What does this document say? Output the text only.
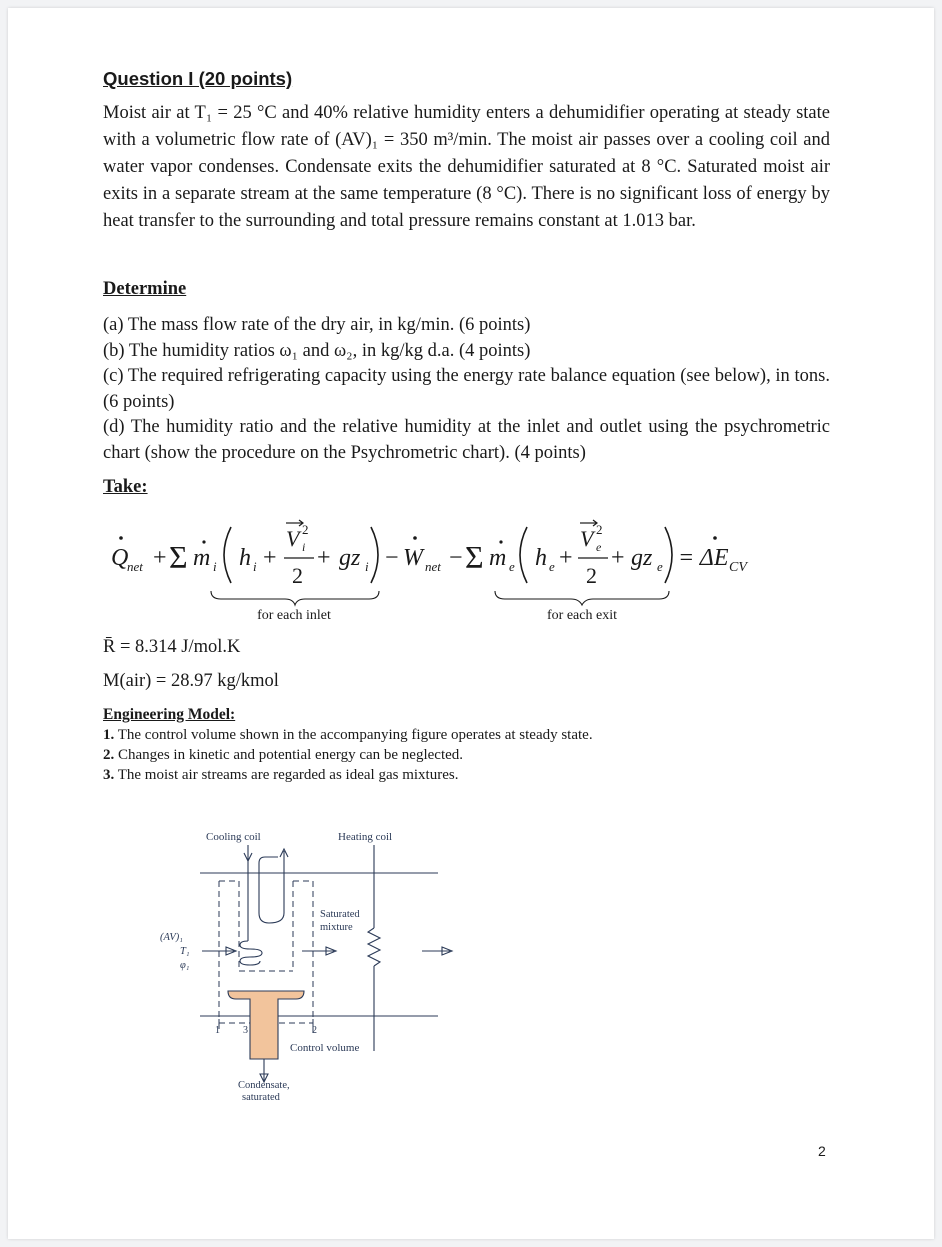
Question I (20 points)
Moist air at T₁ = 25 °C and 40% relative humidity enters a dehumidifier operating at steady state with a volumetric flow rate of (AV)₁ = 350 m³/min. The moist air passes over a cooling coil and water vapor condenses. Condensate exits the dehumidifier saturated at 8 °C. Saturated moist air exits in a separate stream at the same temperature (8 °C). There is no significant loss of energy by heat transfer to the surrounding and total pressure remains constant at 1.013 bar.
Determine
(a) The mass flow rate of the dry air, in kg/min. (6 points)
(b) The humidity ratios ω₁ and ω₂, in kg/kg d.a. (4 points)
(c) The required refrigerating capacity using the energy rate balance equation (see below), in tons. (6 points)
(d) The humidity ratio and the relative humidity at the inlet and outlet using the psychrometric chart (show the procedure on the Psychrometric chart). (4 points)
Take:
Q
net + Σ m i h i +
V 2
i
2
+ gz i − W net − Σ m e h e +
V 2
e
2
+ gz e = ΔE CV
for each inlet	for each exit
R̄ = 8.314 J/mol.K
M(air) = 28.97 kg/kmol
Engineering Model:
1. The control volume shown in the accompanying figure operates at steady state.
2. Changes in kinetic and potential energy can be neglected.
3. The moist air streams are regarded as ideal gas mixtures.
Cooling coil	Heating coil
(AV)₁
T₁
φ₁
Saturated
mixture
1 3	2
Control volume
Condensate,
saturated
2
